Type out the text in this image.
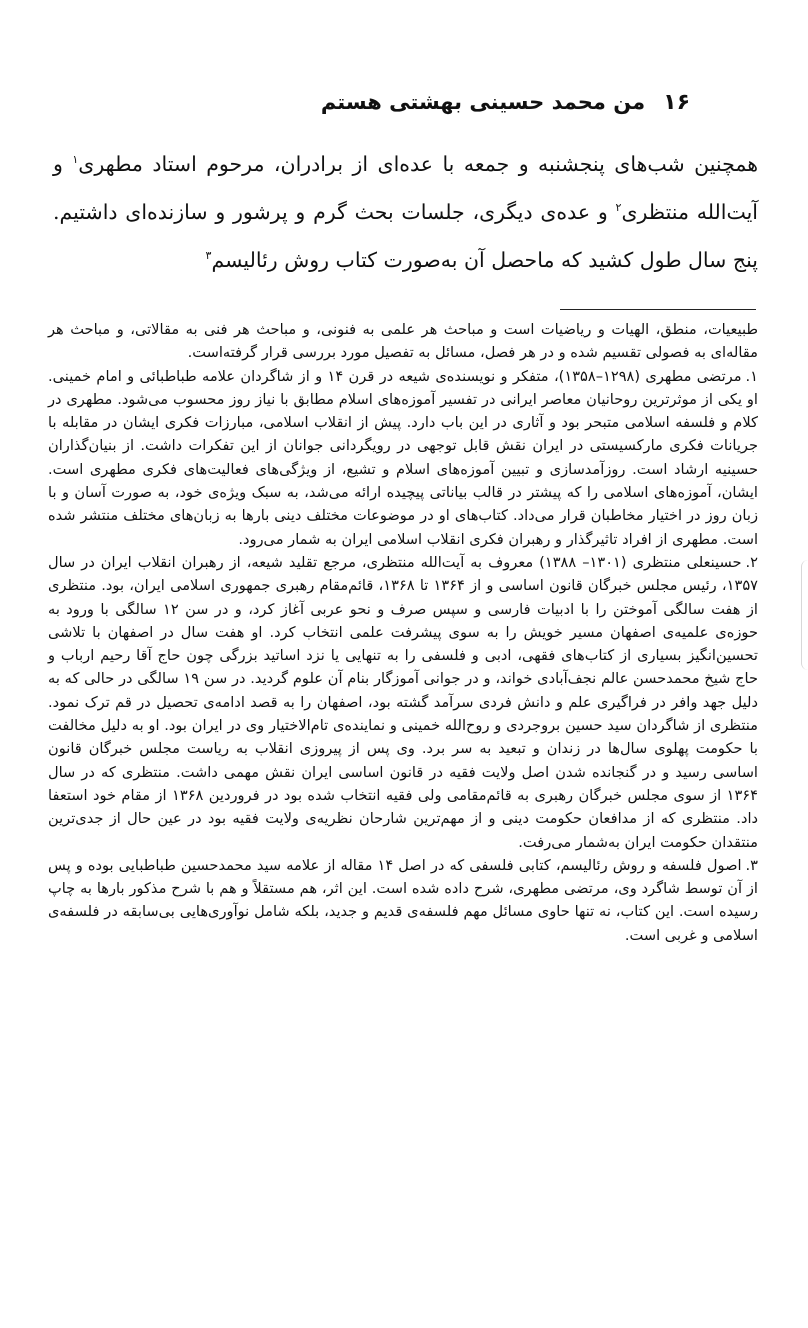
۱۶
من محمد حسینی بهشتی هستم

همچنین شب‌های پنجشنبه و جمعه با عده‌ای از برادران، مرحوم استاد مطهری$^۱$ و آیت‌الله منتظری$^۲$ و عده‌ی دیگری، جلسات بحث گرم و پرشور و سازنده‌ای داشتیم. پنج سال طول کشید که ماحصل آن به‌صورت کتاب روش رئالیسم$^۳$

طبیعیات، منطق، الهیات و ریاضیات است و مباحث هر علمی به فنونی، و مباحث هر فنی به مقالاتی، و مباحث هر مقاله‌ای به فصولی تقسیم شده و در هر فصل، مسائل به تفصیل مورد بررسی قرار گرفته‌است.

۱.مرتضی مطهری (۱۲۹۸–۱۳۵۸)، متفکر و نویسنده‌ی شیعه در قرن ۱۴ و از شاگردان علامه طباطبائی و امام خمینی. او یکی از موثرترین روحانیان معاصر ایرانی در تفسیر آموزه‌های اسلام مطابق با نیاز روز محسوب می‌شود. مطهری در کلام و فلسفه اسلامی متبحر بود و آثاری در این باب دارد. پیش از انقلاب اسلامی، مبارزات فکری ایشان در مقابله با جریانات فکری مارکسیستی در ایران نقش قابل توجهی در رویگردانی جوانان از این تفکرات داشت. از بنیان‌گذاران حسینیه ارشاد است. روزآمدسازی و تبیین آموزه‌های اسلام و تشیع، از ویژگی‌های فعالیت‌های فکری مطهری است. ایشان، آموزه‌های اسلامی را که پیشتر در قالب بیاناتی پیچیده ارائه می‌شد، به سبک ویژه‌ی خود، به صورت آسان و با زبان روز در اختیار مخاطبان قرار می‌داد. کتاب‌های او در موضوعات مختلف دینی بارها به زبان‌های مختلف منتشر شده است. مطهری از افراد تاثیرگذار و رهبران فکری انقلاب اسلامی ایران به شمار می‌رود.

۲.حسینعلی منتظری (۱۳۰۱– ۱۳۸۸) معروف به آیت‌الله منتظری، مرجع تقلید شیعه، از رهبران انقلاب ایران در سال ۱۳۵۷، رئیس مجلس خبرگان قانون اساسی و از ۱۳۶۴ تا ۱۳۶۸، قائم‌مقام رهبری جمهوری اسلامی ایران، بود. منتظری از هفت سالگی آموختن را با ادبیات فارسی و سپس صرف و نحو عربی آغاز کرد، و در سن ۱۲ سالگی با ورود به حوزه‌ی علمیه‌ی اصفهان مسیر خویش را به سوی پیشرفت علمی انتخاب کرد. او هفت سال در اصفهان با تلاشی تحسین‌انگیز بسیاری از کتاب‌های فقهی، ادبی و فلسفی را به تنهایی یا نزد اساتید بزرگی چون حاج آقا رحیم ارباب و حاج شیخ محمدحسن عالم نجف‌آبادی خواند، و در جوانی آموزگار بنام آن علوم گردید. در سن ۱۹ سالگی در حالی که به دلیل جهد وافر در فراگیری علم و دانش فردی سرآمد گشته بود، اصفهان را به قصد ادامه‌ی تحصیل در قم ترک نمود. منتظری از شاگردان سید حسین بروجردی و روح‌الله خمینی و نماینده‌ی تام‌الاختیار وی در ایران بود. او به دلیل مخالفت با حکومت پهلوی سال‌ها در زندان و تبعید به سر برد. وی پس از پیروزی انقلاب به ریاست مجلس خبرگان قانون اساسی رسید و در گنجانده شدن اصل ولایت فقیه در قانون اساسی ایران نقش مهمی داشت. منتظری که در سال ۱۳۶۴ از سوی مجلس خبرگان رهبری به قائم‌مقامی ولی فقیه انتخاب شده بود در فروردین ۱۳۶۸ از مقام خود استعفا داد. منتظری که از مدافعان حکومت دینی و از مهم‌ترین شارحان نظریه‌ی ولایت فقیه بود در عین حال از جدی‌ترین منتقدان حکومت ایران به‌شمار می‌رفت.

۳.اصول فلسفه و روش رئالیسم، کتابی فلسفی که در اصل ۱۴ مقاله از علامه سید محمدحسین طباطبایی بوده و پس از آن توسط شاگرد وی، مرتضی مطهری، شرح داده شده است. این اثر، هم مستقلاً و هم با شرح مذکور بارها به چاپ رسیده است. این کتاب، نه تنها حاوی مسائل مهم فلسفه‌ی قدیم و جدید، بلکه شامل نوآوری‌هایی بی‌سابقه در فلسفه‌ی اسلامی و غربی است.
